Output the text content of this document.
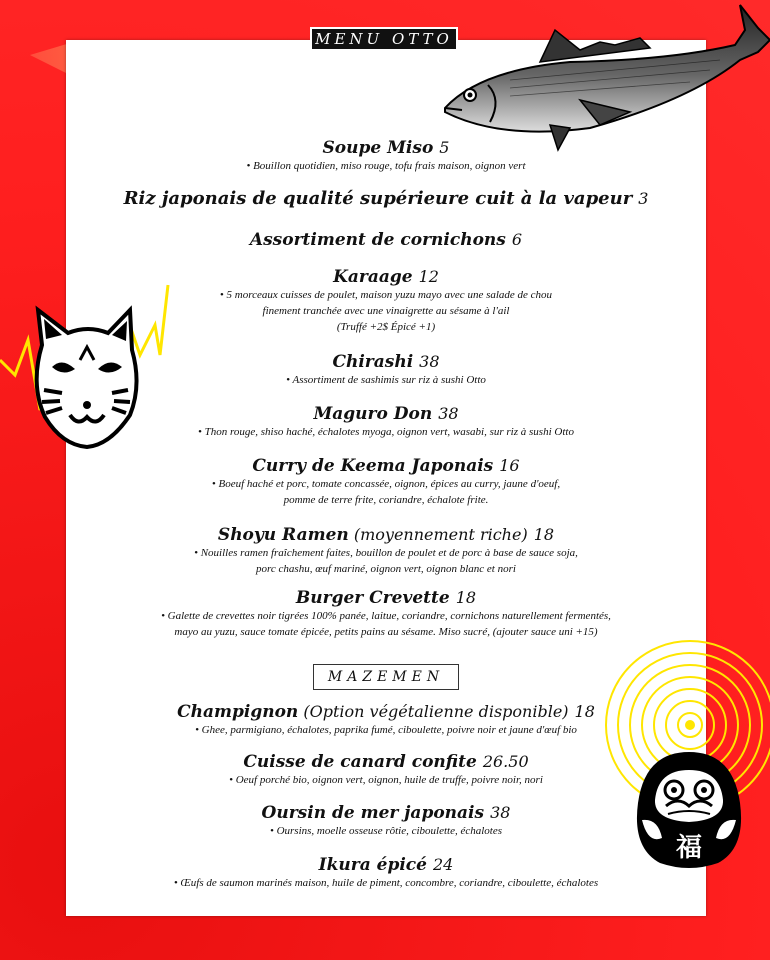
福
MENU OTTO
Soupe Miso 5
• Bouillon quotidien, miso rouge, tofu frais maison, oignon vert
Riz japonais de qualité supérieure cuit à la vapeur 3
Assortiment de cornichons 6
Karaage 12
• 5 morceaux cuisses de poulet, maison yuzu mayo avec une salade de chou
finement tranchée avec une vinaigrette au sésame à l'ail
(Truffé +2$ Épicé +1)
Chirashi 38
• Assortiment de sashimis sur riz à sushi Otto
Maguro Don 38
• Thon rouge, shiso haché, échalotes myoga, oignon vert, wasabi, sur riz à sushi Otto
Curry de Keema Japonais 16
• Boeuf haché et porc, tomate concassée, oignon, épices au curry, jaune d'oeuf,
pomme de terre frite, coriandre, échalote frite.
Shoyu Ramen (moyennement riche) 18
• Nouilles ramen fraîchement faites, bouillon de poulet et de porc à base de sauce soja,
porc chashu, œuf mariné, oignon vert, oignon blanc et nori
Burger Crevette 18
• Galette de crevettes noir tigrées 100% panée, laitue, coriandre, cornichons naturellement fermentés,
mayo au yuzu, sauce tomate épicée, petits pains au sésame. Miso sucré, (ajouter sauce uni +15)
MAZEMEN
Champignon (Option végétalienne disponible) 18
• Ghee, parmigiano, échalotes, paprika fumé, ciboulette, poivre noir et jaune d'œuf bio
Cuisse de canard confite 26.50
• Oeuf porché bio, oignon vert, oignon, huile de truffe, poivre noir, nori
Oursin de mer japonais 38
• Oursins, moelle osseuse rôtie, ciboulette, échalotes
Ikura épicé 24
• Œufs de saumon marinés maison, huile de piment, concombre, coriandre, ciboulette, échalotes
